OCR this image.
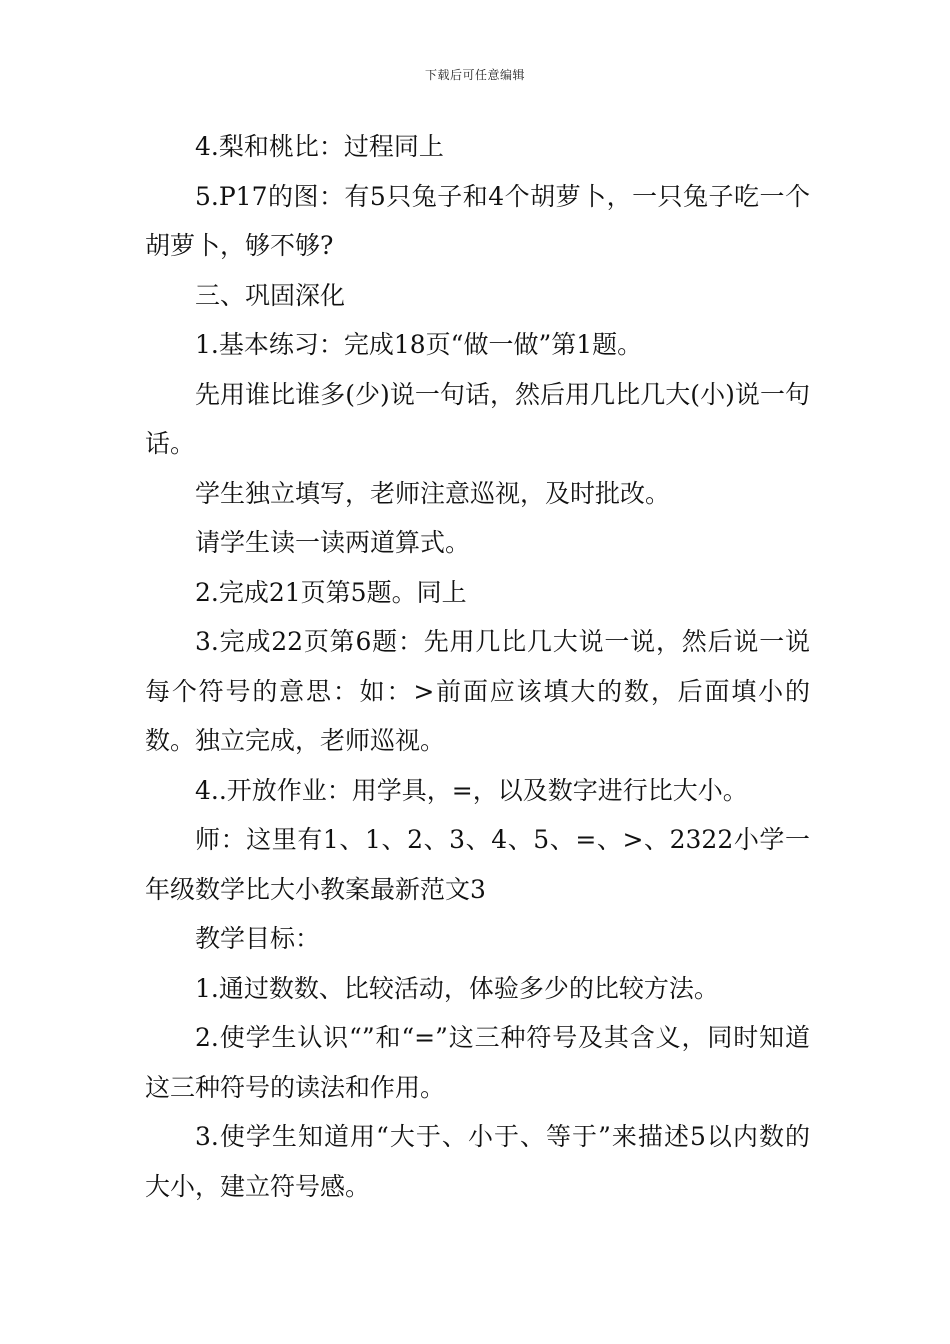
下载后可任意编辑

4.梨和桃比：过程同上

5.P17的图：有5只兔子和4个胡萝卜，一只兔子吃一个胡萝卜，够不够?

三、巩固深化

1.基本练习：完成18页“做一做”第1题。

先用谁比谁多(少)说一句话，然后用几比几大(小)说一句话。

学生独立填写，老师注意巡视，及时批改。

请学生读一读两道算式。

2.完成21页第5题。同上

3.完成22页第6题：先用几比几大说一说，然后说一说每个符号的意思：如：>前面应该填大的数，后面填小的数。独立完成，老师巡视。

4..开放作业：用学具，=，以及数字进行比大小。

师：这里有1、1、2、3、4、5、=、>、2322小学一年级数学比大小教案最新范文3

教学目标：

1.通过数数、比较活动，体验多少的比较方法。

2.使学生认识“”和“=”这三种符号及其含义，同时知道这三种符号的读法和作用。

3.使学生知道用“大于、小于、等于”来描述5以内数的大小，建立符号感。
